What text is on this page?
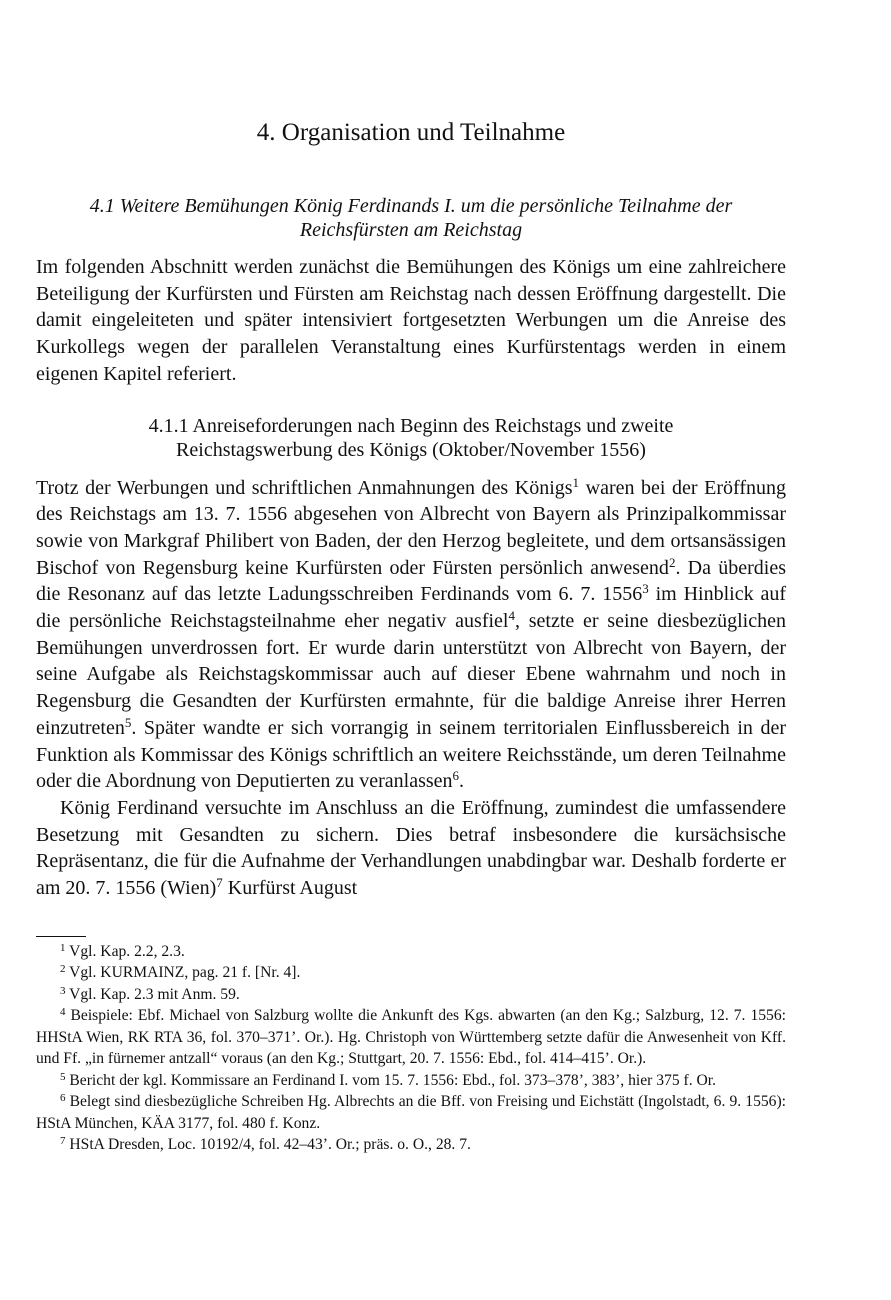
4. Organisation und Teilnahme
4.1 Weitere Bemühungen König Ferdinands I. um die persönliche Teilnahme der
Reichsfürsten am Reichstag

Im folgenden Abschnitt werden zunächst die Bemühungen des Königs um eine zahlreichere Beteiligung der Kurfürsten und Fürsten am Reichstag nach dessen Eröffnung dargestellt. Die damit eingeleiteten und später intensiviert fortgesetzten Werbungen um die Anreise des Kurkollegs wegen der parallelen Veranstaltung eines Kurfürstentags werden in einem eigenen Kapitel referiert.

4.1.1 Anreiseforderungen nach Beginn des Reichstags und zweite
Reichstagswerbung des Königs (Oktober/November 1556)

Trotz der Werbungen und schriftlichen Anmahnungen des Königs$^1$ waren bei der Eröffnung des Reichstags am 13. 7. 1556 abgesehen von Albrecht von Bayern als Prinzipalkommissar sowie von Markgraf Philibert von Baden, der den Herzog begleitete, und dem ortsansässigen Bischof von Regensburg keine Kurfürsten oder Fürsten persönlich anwesend$^2$. Da überdies die Resonanz auf das letzte Ladungsschreiben Ferdinands vom 6. 7. 1556$^3$ im Hinblick auf die persönliche Reichstagsteilnahme eher negativ ausfiel$^4$, setzte er seine diesbezüglichen Bemühungen unverdrossen fort. Er wurde darin unterstützt von Albrecht von Bayern, der seine Aufgabe als Reichstagskommissar auch auf dieser Ebene wahrnahm und noch in Regensburg die Gesandten der Kurfürsten ermahnte, für die baldige Anreise ihrer Herren einzutreten$^5$. Später wandte er sich vorrangig in seinem territorialen Einflussbereich in der Funktion als Kommissar des Königs schriftlich an weitere Reichsstände, um deren Teilnahme oder die Abordnung von Deputierten zu veranlassen$^6$.

König Ferdinand versuchte im Anschluss an die Eröffnung, zumindest die umfassendere Besetzung mit Gesandten zu sichern. Dies betraf insbesondere die kursächsische Repräsentanz, die für die Aufnahme der Verhandlungen unabdingbar war. Deshalb forderte er am 20. 7. 1556 (Wien)$^7$ Kurfürst August

$^1$ Vgl. Kap. 2.2, 2.3.

$^2$ Vgl. KURMAINZ, pag. 21 f. [Nr. 4].

$^3$ Vgl. Kap. 2.3 mit Anm. 59.

$^4$ Beispiele: Ebf. Michael von Salzburg wollte die Ankunft des Kgs. abwarten (an den Kg.; Salzburg, 12. 7. 1556: HHStA Wien, RK RTA 36, fol. 370–371’. Or.). Hg. Christoph von Württemberg setzte dafür die Anwesenheit von Kff. und Ff. „in fürnemer antzall“ voraus (an den Kg.; Stuttgart, 20. 7. 1556: Ebd., fol. 414–415’. Or.).

$^5$ Bericht der kgl. Kommissare an Ferdinand I. vom 15. 7. 1556: Ebd., fol. 373–378’, 383’, hier 375 f. Or.

$^6$ Belegt sind diesbezügliche Schreiben Hg. Albrechts an die Bff. von Freising und Eichstätt (Ingolstadt, 6. 9. 1556): HStA München, KÄA 3177, fol. 480 f. Konz.

$^7$ HStA Dresden, Loc. 10192/4, fol. 42–43’. Or.; präs. o. O., 28. 7.
